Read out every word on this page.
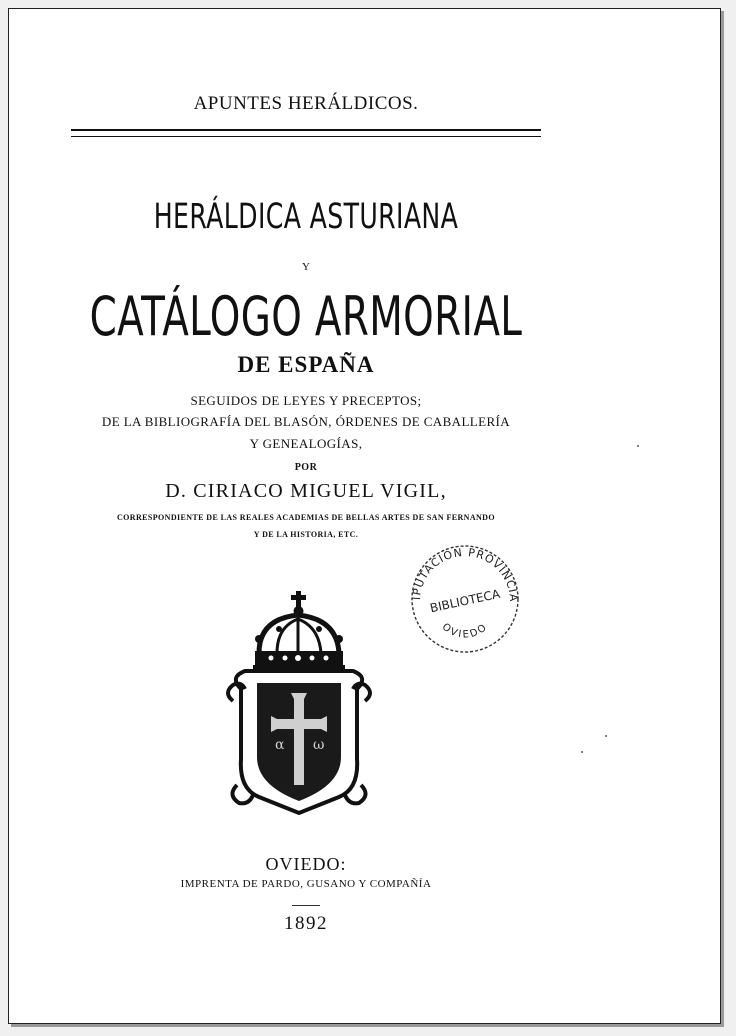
APUNTES HERÁLDICOS.
HERÁLDICA ASTURIANA
Y
CATÁLOGO ARMORIAL
DE ESPAÑA
SEGUIDOS DE LEYES Y PRECEPTOS;
DE LA BIBLIOGRAFÍA DEL BLASÓN, ÓRDENES DE CABALLERÍA
Y GENEALOGÍAS,
POR
D. CIRIACO MIGUEL VIGIL,
CORRESPONDIENTE DE LAS REALES ACADEMIAS DE BELLAS ARTES DE SAN FERNANDO
Y DE LA HISTORIA, ETC.
IPUTACION PROVINCIA
BIBLIOTECA
OVIEDO
α ω
OVIEDO:
IMPRENTA DE PARDO, GUSANO Y COMPAÑÍA
1892
